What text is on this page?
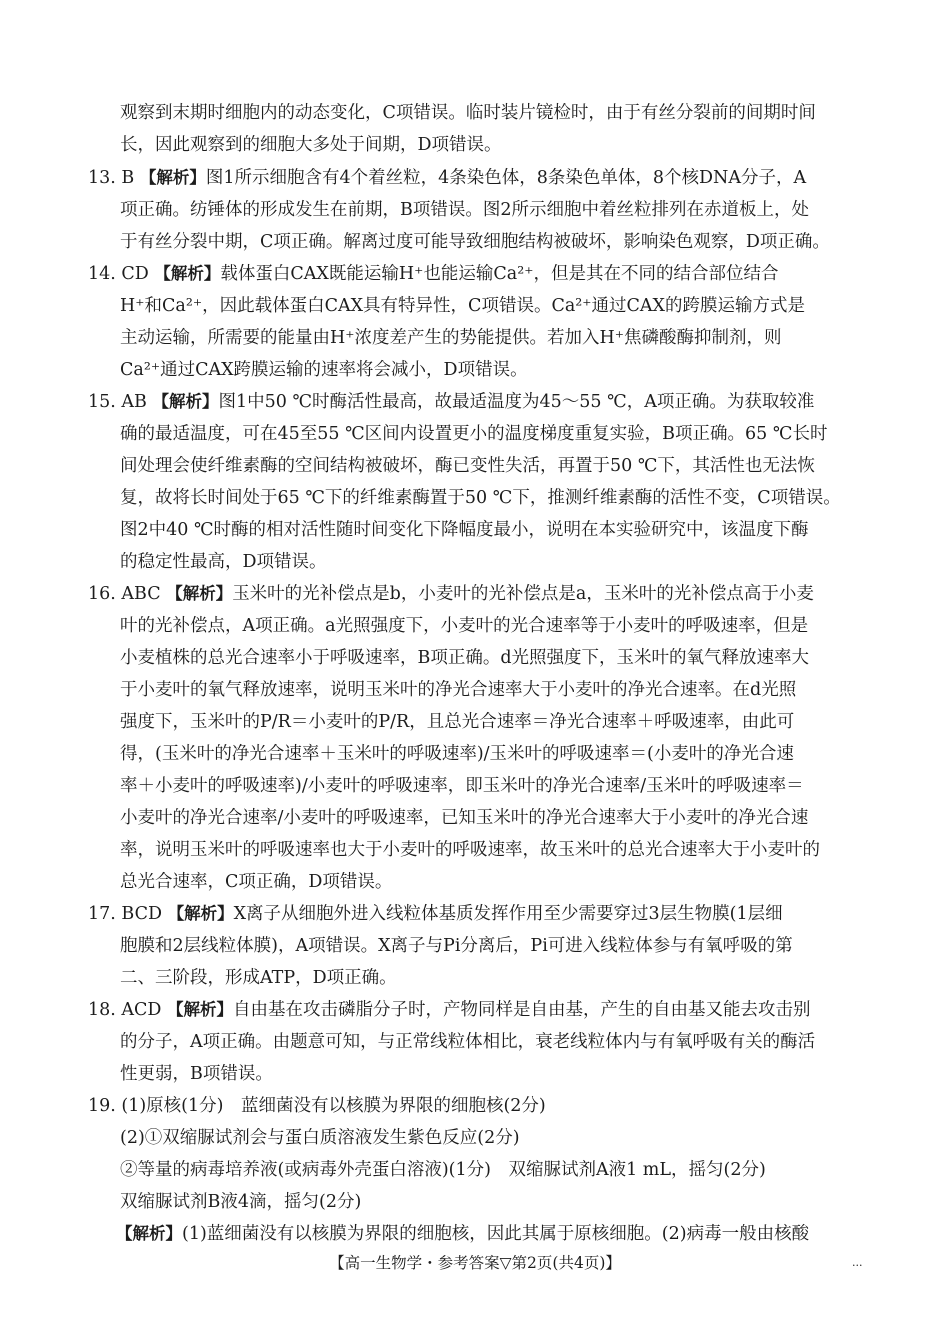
观察到末期时细胞内的动态变化，C项错误。临时装片镜检时，由于有丝分裂前的间期时间
长，因此观察到的细胞大多处于间期，D项错误。
13. B 【解析】图1所示细胞含有4个着丝粒，4条染色体，8条染色单体，8个核DNA分子，A
项正确。纺锤体的形成发生在前期，B项错误。图2所示细胞中着丝粒排列在赤道板上，处
于有丝分裂中期，C项正确。解离过度可能导致细胞结构被破坏，影响染色观察，D项正确。
14. CD 【解析】载体蛋白CAX既能运输H⁺也能运输Ca²⁺，但是其在不同的结合部位结合
H⁺和Ca²⁺，因此载体蛋白CAX具有特异性，C项错误。Ca²⁺通过CAX的跨膜运输方式是
主动运输，所需要的能量由H⁺浓度差产生的势能提供。若加入H⁺焦磷酸酶抑制剂，则
Ca²⁺通过CAX跨膜运输的速率将会减小，D项错误。
15. AB 【解析】图1中50 ℃时酶活性最高，故最适温度为45～55 ℃，A项正确。为获取较准
确的最适温度，可在45至55 ℃区间内设置更小的温度梯度重复实验，B项正确。65 ℃长时
间处理会使纤维素酶的空间结构被破坏，酶已变性失活，再置于50 ℃下，其活性也无法恢
复，故将长时间处于65 ℃下的纤维素酶置于50 ℃下，推测纤维素酶的活性不变，C项错误。
图2中40 ℃时酶的相对活性随时间变化下降幅度最小，说明在本实验研究中，该温度下酶
的稳定性最高，D项错误。
16. ABC 【解析】玉米叶的光补偿点是b，小麦叶的光补偿点是a，玉米叶的光补偿点高于小麦
叶的光补偿点，A项正确。a光照强度下，小麦叶的光合速率等于小麦叶的呼吸速率，但是
小麦植株的总光合速率小于呼吸速率，B项正确。d光照强度下，玉米叶的氧气释放速率大
于小麦叶的氧气释放速率，说明玉米叶的净光合速率大于小麦叶的净光合速率。在d光照
强度下，玉米叶的P/R＝小麦叶的P/R，且总光合速率＝净光合速率＋呼吸速率，由此可
得，(玉米叶的净光合速率＋玉米叶的呼吸速率)/玉米叶的呼吸速率＝(小麦叶的净光合速
率＋小麦叶的呼吸速率)/小麦叶的呼吸速率，即玉米叶的净光合速率/玉米叶的呼吸速率＝
小麦叶的净光合速率/小麦叶的呼吸速率，已知玉米叶的净光合速率大于小麦叶的净光合速
率，说明玉米叶的呼吸速率也大于小麦叶的呼吸速率，故玉米叶的总光合速率大于小麦叶的
总光合速率，C项正确，D项错误。
17. BCD 【解析】X离子从细胞外进入线粒体基质发挥作用至少需要穿过3层生物膜(1层细
胞膜和2层线粒体膜)，A项错误。X离子与Pi分离后，Pi可进入线粒体参与有氧呼吸的第
二、三阶段，形成ATP，D项正确。
18. ACD 【解析】自由基在攻击磷脂分子时，产物同样是自由基，产生的自由基又能去攻击别
的分子，A项正确。由题意可知，与正常线粒体相比，衰老线粒体内与有氧呼吸有关的酶活
性更弱，B项错误。
19. (1)原核(1分)　蓝细菌没有以核膜为界限的细胞核(2分)
(2)①双缩脲试剂会与蛋白质溶液发生紫色反应(2分)
②等量的病毒培养液(或病毒外壳蛋白溶液)(1分)　双缩脲试剂A液1 mL，摇匀(2分)
双缩脲试剂B液4滴，摇匀(2分)
【解析】(1)蓝细菌没有以核膜为界限的细胞核，因此其属于原核细胞。(2)病毒一般由核酸
【高一生物学・参考答案▽第2页(共4页)】	...
